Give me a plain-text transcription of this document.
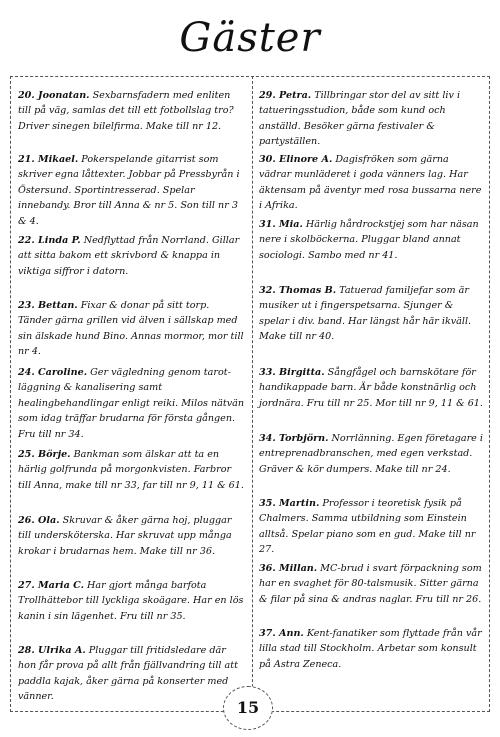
Gäster

20. Joonatan. Sexbarnsfadern med enliten till på väg, samlas det till ett fotbollslag tro? Driver sinegen bilelfirma. Make till nr 12.

21. Mikael. Pokerspelande gitarrist som skriver egna låttexter. Jobbar på Pressbyrån i Östersund. Sportintresserad. Spelar innebandy. Bror till Anna & nr 5. Son till nr 3 & 4.

22. Linda P. Nedflyttad från Norrland. Gillar att sitta bakom ett skrivbord & knappa in viktiga siffror i datorn.

23. Bettan. Fixar & donar på sitt torp. Tänder gärna grillen vid älven i sällskap med sin älskade hund Bino. Annas mormor, mor till nr 4.

24. Caroline. Ger vägledning genom tarot-läggning & kanalisering samt healingbehandlingar enligt reiki. Milos nätvän som idag träffar brudarna för första gången. Fru till nr 34.

25. Börje. Bankman som älskar att ta en härlig golfrunda på morgonkvisten. Farbror till Anna, make till nr 33, far till nr 9, 11 & 61.

26. Ola. Skruvar & åker gärna hoj, pluggar till undersköterska. Har skruvat upp många krokar i brudarnas hem. Make till nr 36.

27. Maria C. Har gjort många barfota Trollhättebor till lyckliga skoägare. Har en lös kanin i sin lägenhet. Fru till nr 35.

28. Ulrika A. Pluggar till fritidsledare där hon får prova på allt från fjällvandring till att paddla kajak, åker gärna på konserter med vänner.

29. Petra. Tillbringar stor del av sitt liv i tatueringsstudion, både som kund och anställd. Besöker gärna festivaler & partyställen.

30. Elinore A. Dagisfröken som gärna vädrar munläderet i goda vänners lag. Har äktensam på äventyr med rosa bussarna nere i Afrika.

31. Mia. Härlig hårdrockstjej som har näsan nere i skolböckerna. Pluggar bland annat sociologi. Sambo med nr 41.

32. Thomas B. Tatuerad familjefar som är musiker ut i fingerspetsarna. Sjunger & spelar i div. band. Har längst hår här ikväll. Make till nr 40.

33. Birgitta. Sångfågel och barnskötare för handikappade barn. Är både konstnärlig och jordnära. Fru till nr 25. Mor till nr 9, 11 & 61.

34. Torbjörn. Norrlänning. Egen företagare i entreprenadbranschen, med egen verkstad. Gräver & kör dumpers. Make till nr 24.

35. Martin. Professor i teoretisk fysik på Chalmers. Samma utbildning som Einstein alltså. Spelar piano som en gud. Make till nr 27.

36. Millan. MC-brud i svart förpackning som har en svaghet för 80-talsmusik. Sitter gärna & filar på sina & andras naglar. Fru till nr 26.

37. Ann. Kent-fanatiker som flyttade från vår lilla stad till Stockholm. Arbetar som konsult på Astra Zeneca.

15
